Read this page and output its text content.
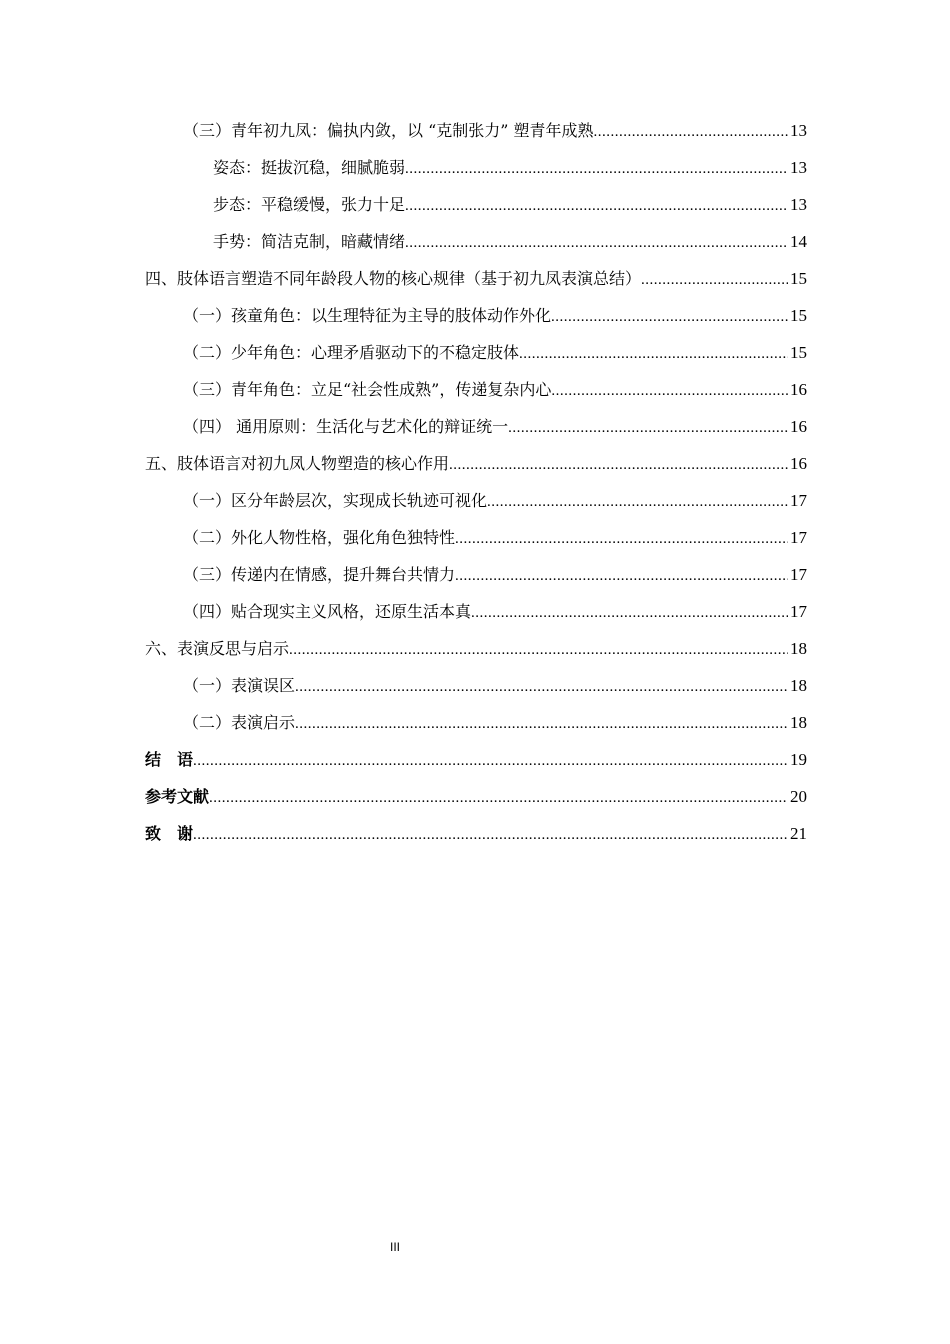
（三）青年初九凤：偏执内敛，以 “克制张力” 塑青年成熟 .....	13
姿态：挺拔沉稳，细腻脆弱 .....	13
步态：平稳缓慢，张力十足 .....	13
手势：简洁克制，暗藏情绪 .....	14
四、肢体语言塑造不同年龄段人物的核心规律（基于初九凤表演总结） .....	15
（一）孩童角色：以生理特征为主导的肢体动作外化 .....	15
（二）少年角色：心理矛盾驱动下的不稳定肢体 .....	15
（三）青年角色：立足“社会性成熟”，传递复杂内心 .....	16
（四） 通用原则：生活化与艺术化的辩证统一 .....	16
五、肢体语言对初九凤人物塑造的核心作用 .....	16
（一）区分年龄层次，实现成长轨迹可视化 .....	17
（二）外化人物性格，强化角色独特性 .....	17
（三）传递内在情感，提升舞台共情力 .....	17
（四）贴合现实主义风格，还原生活本真 .....	17
六、表演反思与启示 .....	18
（一）表演误区 .....	18
（二）表演启示 .....	18
结　语 .....	19
参考文献 .....	20
致　谢 .....	21
III
